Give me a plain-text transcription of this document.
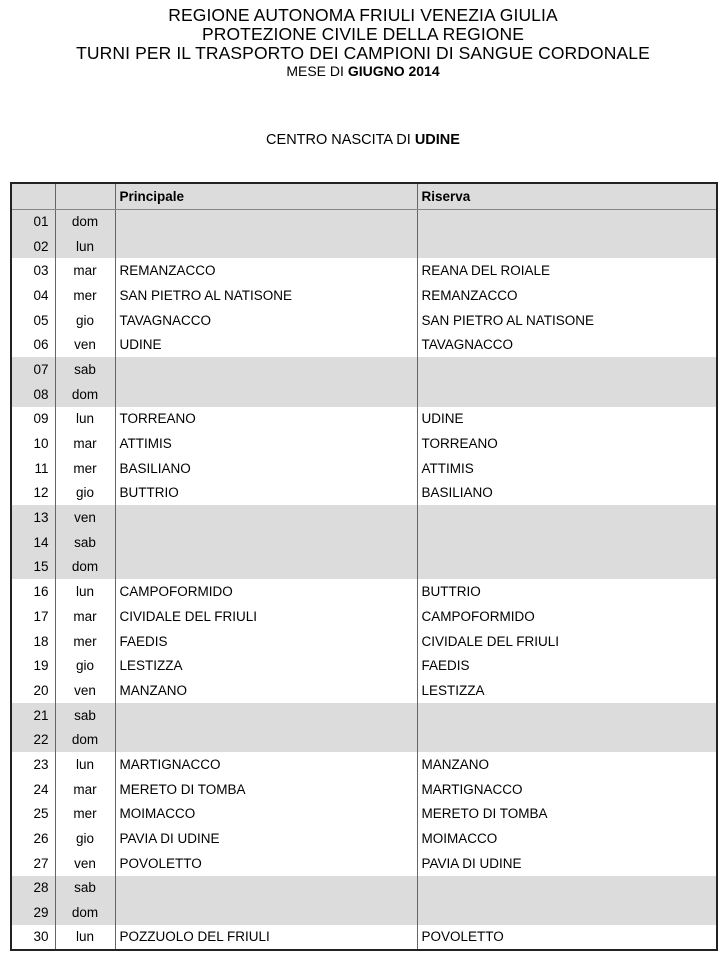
REGIONE AUTONOMA FRIULI VENEZIA GIULIA
PROTEZIONE CIVILE DELLA REGIONE
TURNI PER IL TRASPORTO DEI CAMPIONI DI SANGUE CORDONALE
MESE DI GIUGNO 2014
CENTRO NASCITA DI UDINE
		Principale	Riserva
01	dom		
02	lun		
03	mar	REMANZACCO	REANA DEL ROIALE
04	mer	SAN PIETRO AL NATISONE	REMANZACCO
05	gio	TAVAGNACCO	SAN PIETRO AL NATISONE
06	ven	UDINE	TAVAGNACCO
07	sab		
08	dom		
09	lun	TORREANO	UDINE
10	mar	ATTIMIS	TORREANO
11	mer	BASILIANO	ATTIMIS
12	gio	BUTTRIO	BASILIANO
13	ven		
14	sab		
15	dom		
16	lun	CAMPOFORMIDO	BUTTRIO
17	mar	CIVIDALE DEL FRIULI	CAMPOFORMIDO
18	mer	FAEDIS	CIVIDALE DEL FRIULI
19	gio	LESTIZZA	FAEDIS
20	ven	MANZANO	LESTIZZA
21	sab		
22	dom		
23	lun	MARTIGNACCO	MANZANO
24	mar	MERETO DI TOMBA	MARTIGNACCO
25	mer	MOIMACCO	MERETO DI TOMBA
26	gio	PAVIA DI UDINE	MOIMACCO
27	ven	POVOLETTO	PAVIA DI UDINE
28	sab		
29	dom		
30	lun	POZZUOLO DEL FRIULI	POVOLETTO
